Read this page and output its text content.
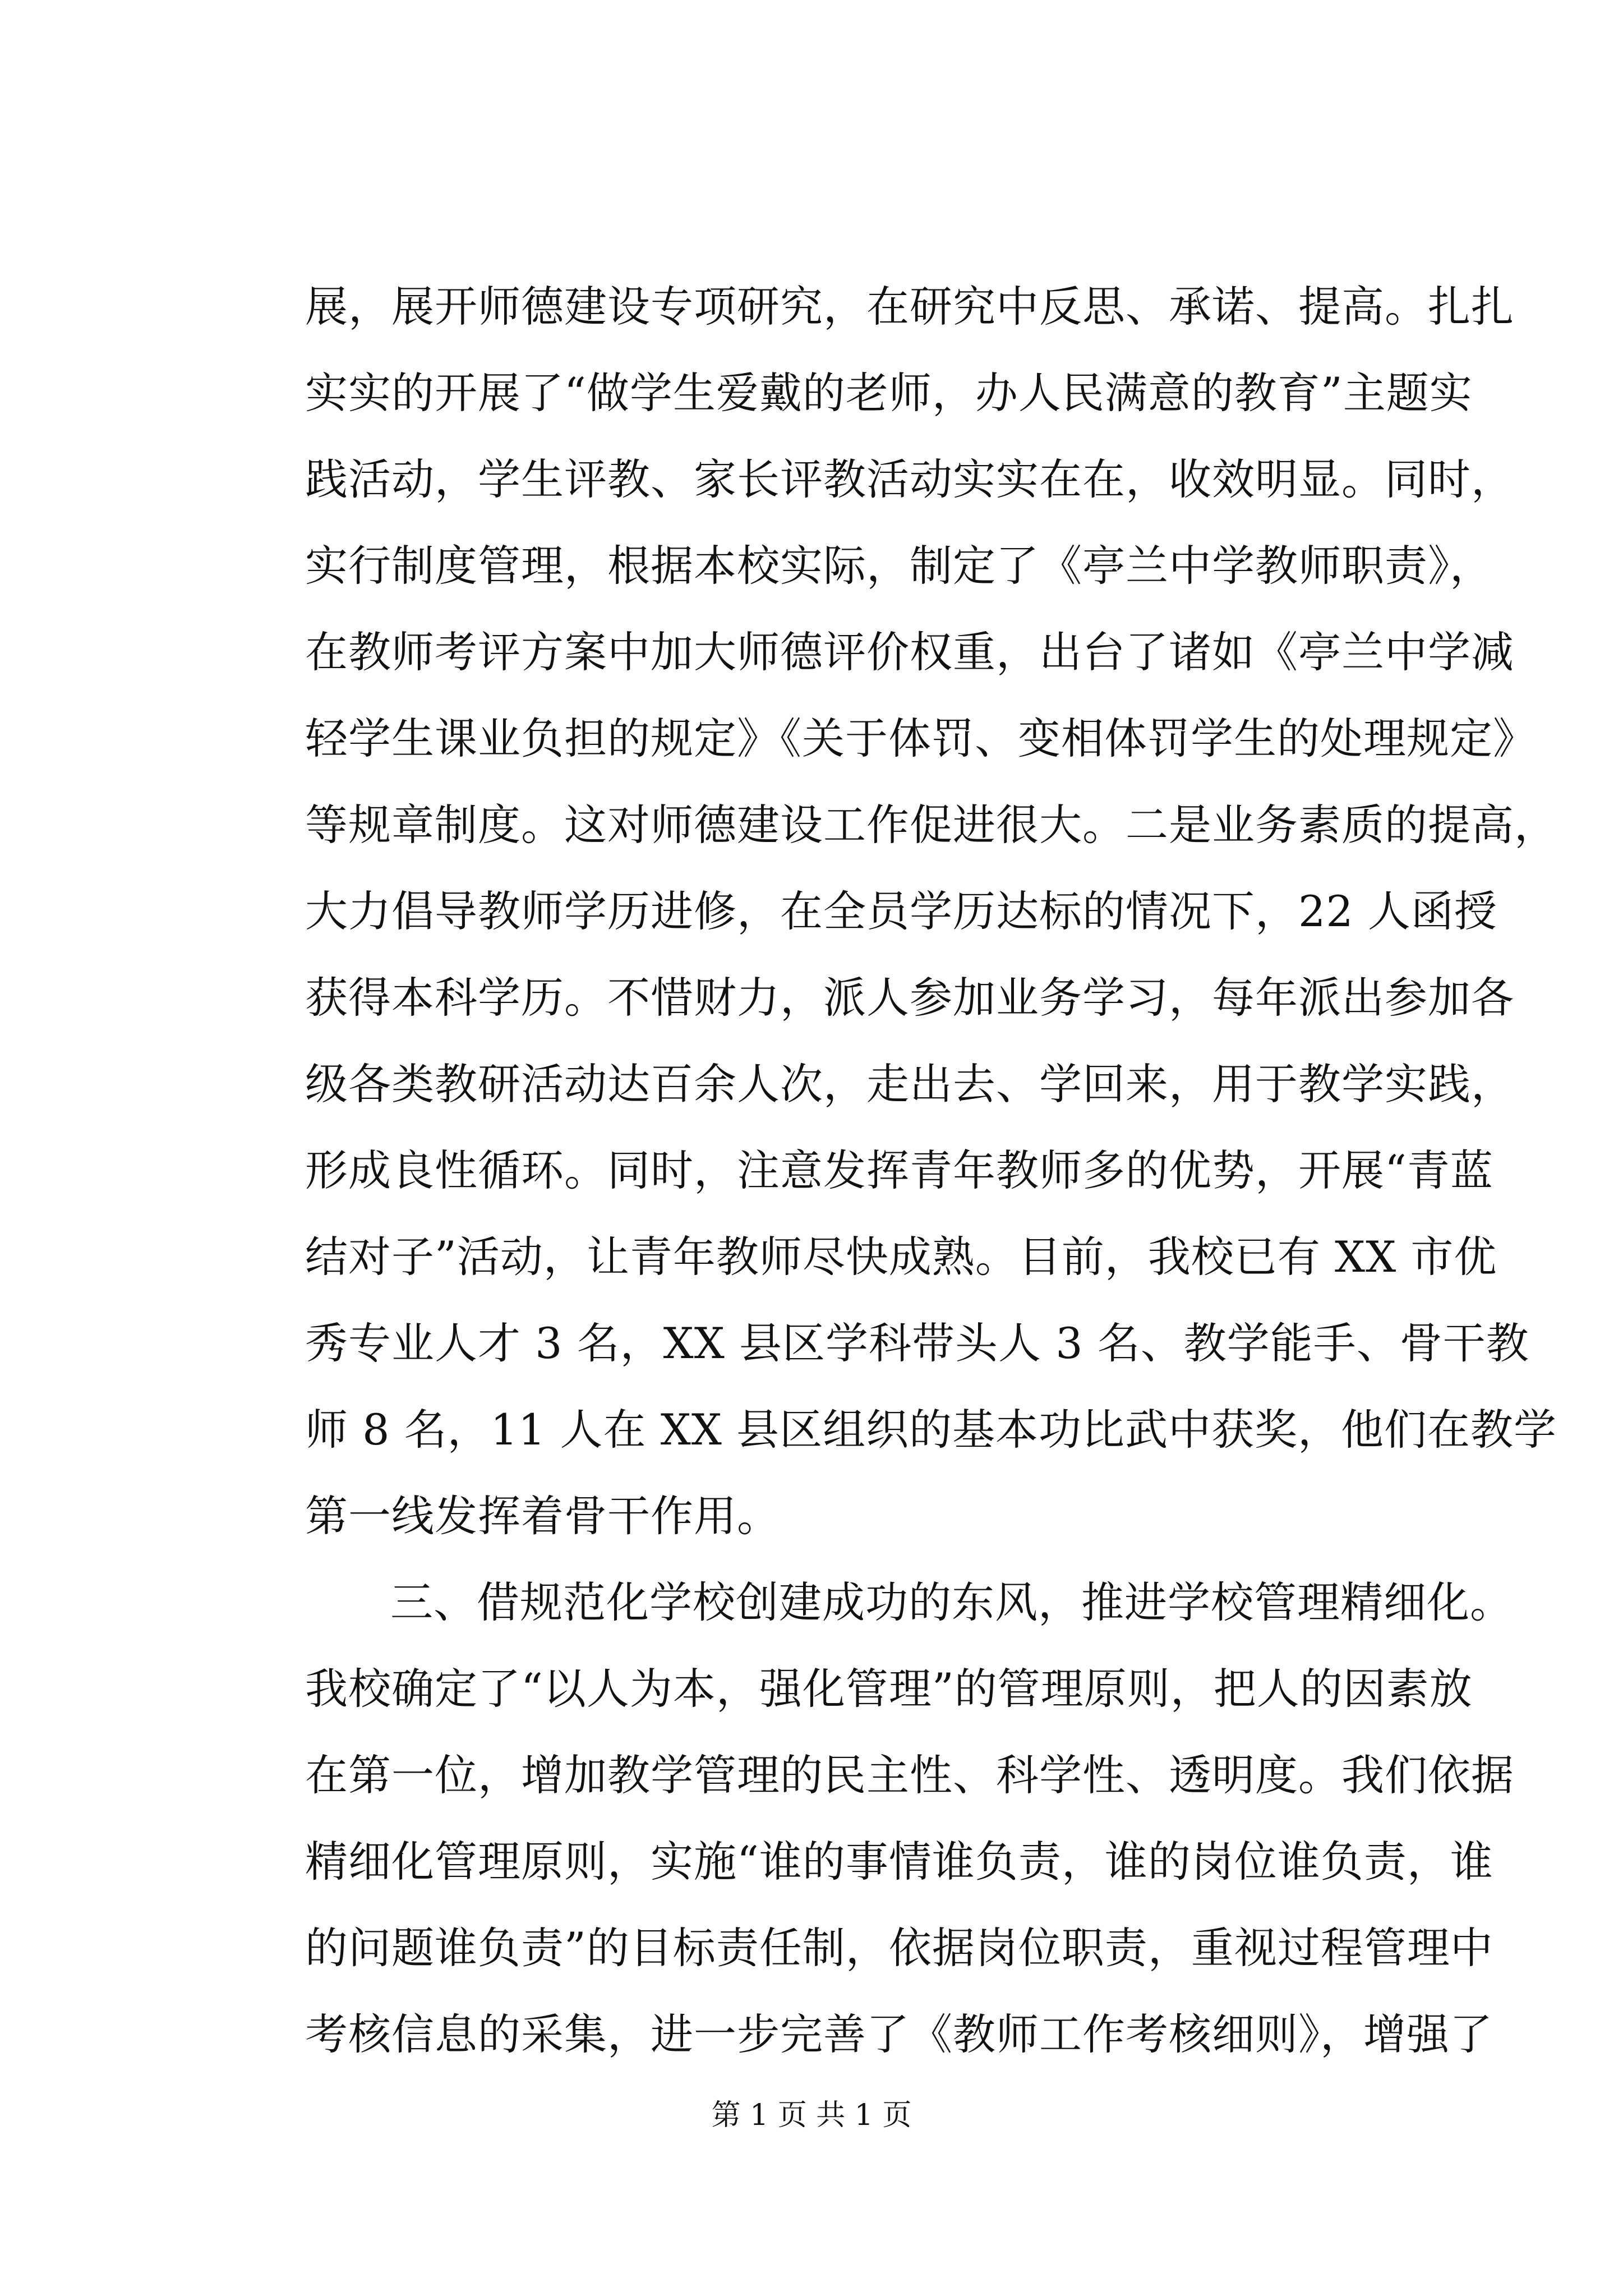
展，展开师德建设专项研究，在研究中反思、承诺、提高。扎扎
实实的开展了“做学生爱戴的老师，办人民满意的教育”主题实
践活动，学生评教、家长评教活动实实在在，收效明显。同时，
实行制度管理，根据本校实际，制定了《亭兰中学教师职责》，
在教师考评方案中加大师德评价权重，出台了诸如《亭兰中学减
轻学生课业负担的规定》《关于体罚、变相体罚学生的处理规定》
等规章制度。这对师德建设工作促进很大。二是业务素质的提高，
大力倡导教师学历进修，在全员学历达标的情况下，22 人函授
获得本科学历。不惜财力，派人参加业务学习，每年派出参加各
级各类教研活动达百余人次，走出去、学回来，用于教学实践，
形成良性循环。同时，注意发挥青年教师多的优势，开展“青蓝
结对子”活动，让青年教师尽快成熟。目前，我校已有 XX 市优
秀专业人才 3 名，XX 县区学科带头人 3 名、教学能手、骨干教
师 8 名，11 人在 XX 县区组织的基本功比武中获奖，他们在教学
第一线发挥着骨干作用。
三、借规范化学校创建成功的东风，推进学校管理精细化。
我校确定了“以人为本，强化管理”的管理原则，把人的因素放
在第一位，增加教学管理的民主性、科学性、透明度。我们依据
精细化管理原则，实施“谁的事情谁负责，谁的岗位谁负责，谁
的问题谁负责”的目标责任制，依据岗位职责，重视过程管理中
考核信息的采集，进一步完善了《教师工作考核细则》，增强了
第 1 页 共 1 页
